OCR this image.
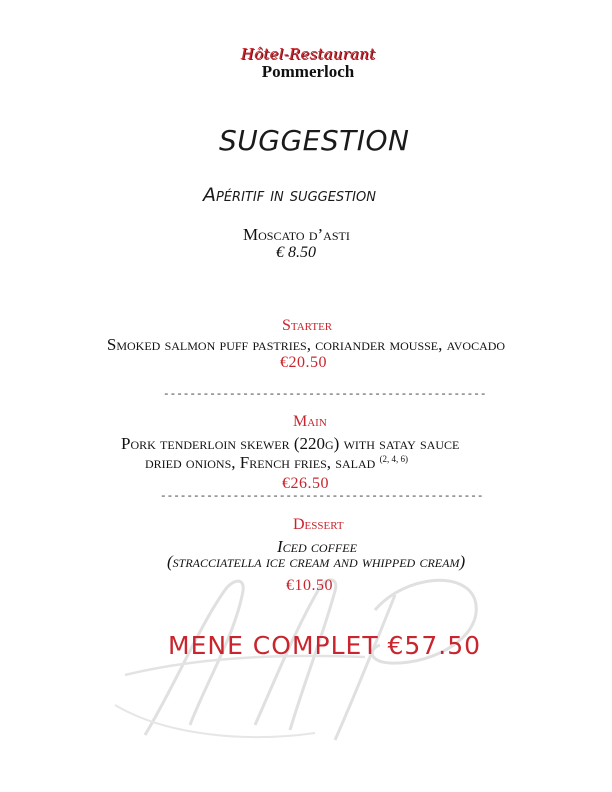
Hôtel-Restaurant
Pommerloch
SUGGESTION
Apéritif in suggestion
Moscato d’asti
€ 8.50
Starter
Smoked salmon puff pastries, coriander mousse, avocado
€20.50
-------------------------------------------------
Main
Pork tenderloin skewer (220g) with satay sauce
dried onions, French fries, salad $^{(2, 4, 6)}$
€26.50
-------------------------------------------------
Dessert
Iced coffee
(stracciatella ice cream and whipped cream)
€10.50
MENE COMPLET €57.50
